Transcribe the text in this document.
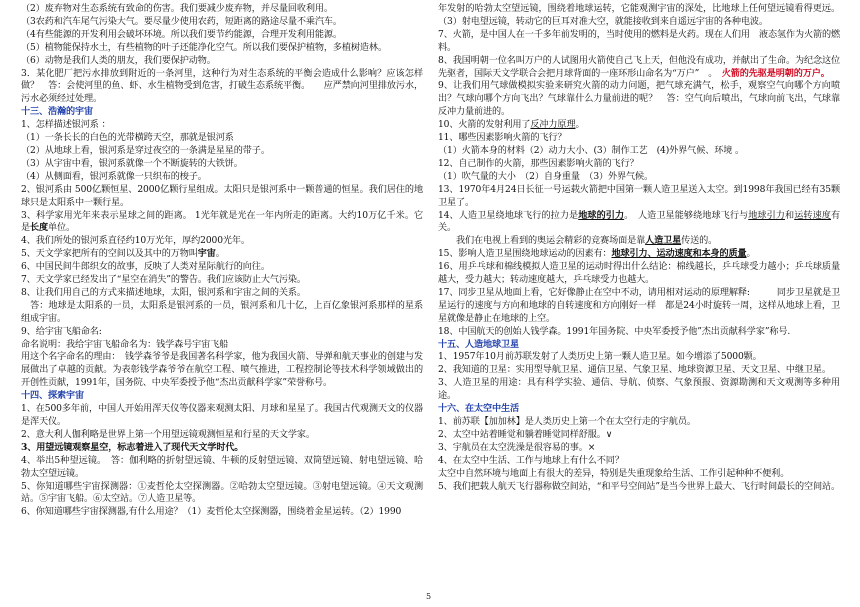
（2）废弃物对生态系统有致命的伤害。我们要减少废弃物，并尽量回收利用。

（3农药和汽车尾气污染大气。要尽量少使用农药，短距离的路途尽量不乘汽车。

（4有些能源的开发利用会破坏环境。所以我们要节约能源，合理开发利用能源。

（5）植物能保持水土，有些植物的叶子还能净化空气。所以我们要保护植物，多植树造林。

（6）动物是我们人类的朋友，我们要保护动物。

3．某化肥厂把污水排放到附近的一条河里，这种行为对生态系统的平衡会造成什么影响？应该怎样做？　答：会使河里的鱼、虾、水生植物受到危害，打破生态系统平衡。　　应严禁向河里排放污水，污水必须经过处理。

十三、浩瀚的宇宙

1、怎样描述银河系 ：

（1）一条长长的白色的光带横跨天空，那就是银河系

（2）从地球上看，银河系是穿过夜空的一条满是星星的带子。

（3）从宇宙中看，银河系就像一个不断旋转的大铁饼。

（4）从侧面看，银河系就像一只织布的梭子。

2、银河系由 500亿颗恒星、2000亿颗行星组成。太阳只是银河系中一颗普通的恒星。我们居住的地球只是太阳系中一颗行星。

3、科学家用光年来表示星球之间的距离。 1光年就是光在一年内所走的距离。大约10万亿千米。它是长度单位。

4、我们所处的银河系直径约10万光年，厚约2000光年。

5、天文学家把所有的空间以及其中的万物叫宇宙。

6、中国民间牛郎织女的故事，反映了人类对星际航行的向往。

7、天文学家已经发出了“星空在消失”的警告。我们应该防止大气污染。

8、让我们用自己的方式来描述地球，太阳，银河系和宇宙之间的关系。

　答：地球是太阳系的一员，太阳系是银河系的一员，银河系和几十亿，上百亿象银河系那样的星系组成宇宙。

9、给宇宙飞船命名:

命名说明：我给宇宙飞船命名为：钱学森号宇宙飞船

用这个名字命名的理由：　钱学森爷爷是我国著名科学家，他为我国火箭、导弹和航天事业的创建与发展做出了卓越的贡献。为表彰钱学森爷爷在航空工程、喷气推进，工程控制论等技术科学领域做出的开创性贡献，1991年，国务院、中央军委授予他“杰出贡献科学家”荣誉称号。

十四、探索宇宙

1、在500多年前，中国人开始用浑天仪等仪器来观测太阳、月球和星星了。我国古代观测天文的仪器是浑天仪。

2、意大利人伽利略是世界上第一个用望远镜观测恒星和行星的天文学家。

3、用望远镜观察星空，标志着进入了现代天文学时代。

4、举出5种望远镜。　答：伽利略的折射望远镜、牛顿的反射望远镜、双筒望远镜、射电望远镜、哈勃太空望远镜。

5、你知道哪些宇宙探测器：①麦哲伦太空探测器。②哈勃太空望远镜。③射电望远镜。④天文观测站。⑤宇宙飞船。⑥太空站。⑦人造卫星等。

6、你知道哪些宇宙探测器,有什么用途？（1）麦哲伦太空探测器，围绕着金星运转。（2）1990

年发射的哈勃太空望远镜，围绕着地球运转，它能观测宇宙的深处，比地球上任何望远镜看得更远。（3）射电望远镜，转动它的巨耳对准大空，就能接收到来自遥远宇宙的各种电波。

7、火箭，是中国人在一千多年前发明的，当时使用的燃料是火药。现在人们用　液态氢作为火箭的燃料。

8、我国明朝一位名叫万户的人试图用火箭使自己飞上天，但他没有成功，并献出了生命。为纪念这位先驱者，国际天文学联合会把月球背面的一座环形山命名为“万户”　。　火箭的先驱是明朝的万户。

9、让我们用气球做模拟实验来研究火箭的动力问题，把气球充满气，松手，观察空气向哪个方向喷出？气球向哪个方向飞出？气球靠什么力量前进的呢？　答：空气向后喷出，气球向前飞出，气球靠反冲力量前进的。

10、火箭的发射利用了反冲力原理。

11、哪些因素影响火箭的飞行？

（1）火箭本身的材料（2）动力大小、(3）制作工艺　(4)外界气候、环境 。

12、自己制作的火箭，那些因素影响火箭的飞行？

（1）吹气量的大小　（2）自身重量　（3）外界气候。

13、1970年4月24日长征一号运载火箭把中国第一颗人造卫星送入太空。到1998年我国已经有35颗卫星了。

14、人造卫星绕地球飞行的拉力是地球的引力。　人造卫星能够绕地球飞行与地球引力和运转速度有关。

　　我们在电视上看到的奥运会精彩的竞赛场面是靠人造卫星传送的。

15、影响人造卫星围绕地球运动的因素有：地球引力、运动速度和本身的质量。

16、用乒乓球和棉线模拟人造卫星的运动时得出什么结论：棉线越长，乒乓球受力越小；乒乓球质量越大，受力越大；转动速度越大，乒乓球受力也越大。

17、同步卫星从地面上看，它好像静止在空中不动，请用相对运动的原理解释:　　　同步卫星就是卫星运行的速度与方向和地球的自转速度和方向刚好一样　都是24小时旋转一周，这样从地球上看，卫星就像是静止在地球的上空。

18、中国航天的创始人钱学森。1991年国务院、中央军委授予他”杰出贡献科学家”称号.

十五、人造地球卫星

1、1957年10月前苏联发射了人类历史上第一颗人造卫星。如今增添了5000颗。

2、我知道的卫星：实用型导航卫星、通信卫星、气象卫星、地球资源卫星、天文卫星、中继卫星。

3、人造卫星的用途：具有科学实验、通信、导航、侦察、气象预报、资源勘测和天文观测等多种用途。

十六、在太空中生活

1、前苏联【加加林】是人类历史上第一个在太空行走的宇航员。

2、太空中站着睡觉和躺着睡觉同样舒服。∨

3、宇航员在太空洗澡是很容易的事。×

4、在太空中生活、工作与地球上有什么不同？

太空中自然环境与地面上有很大的差异，特别是失重现象给生活、工作引起种种不便利。

5、我们把载人航天飞行器称做空间站，“和平号空间站”是当今世界上最大、飞行时间最长的空间站。

5
